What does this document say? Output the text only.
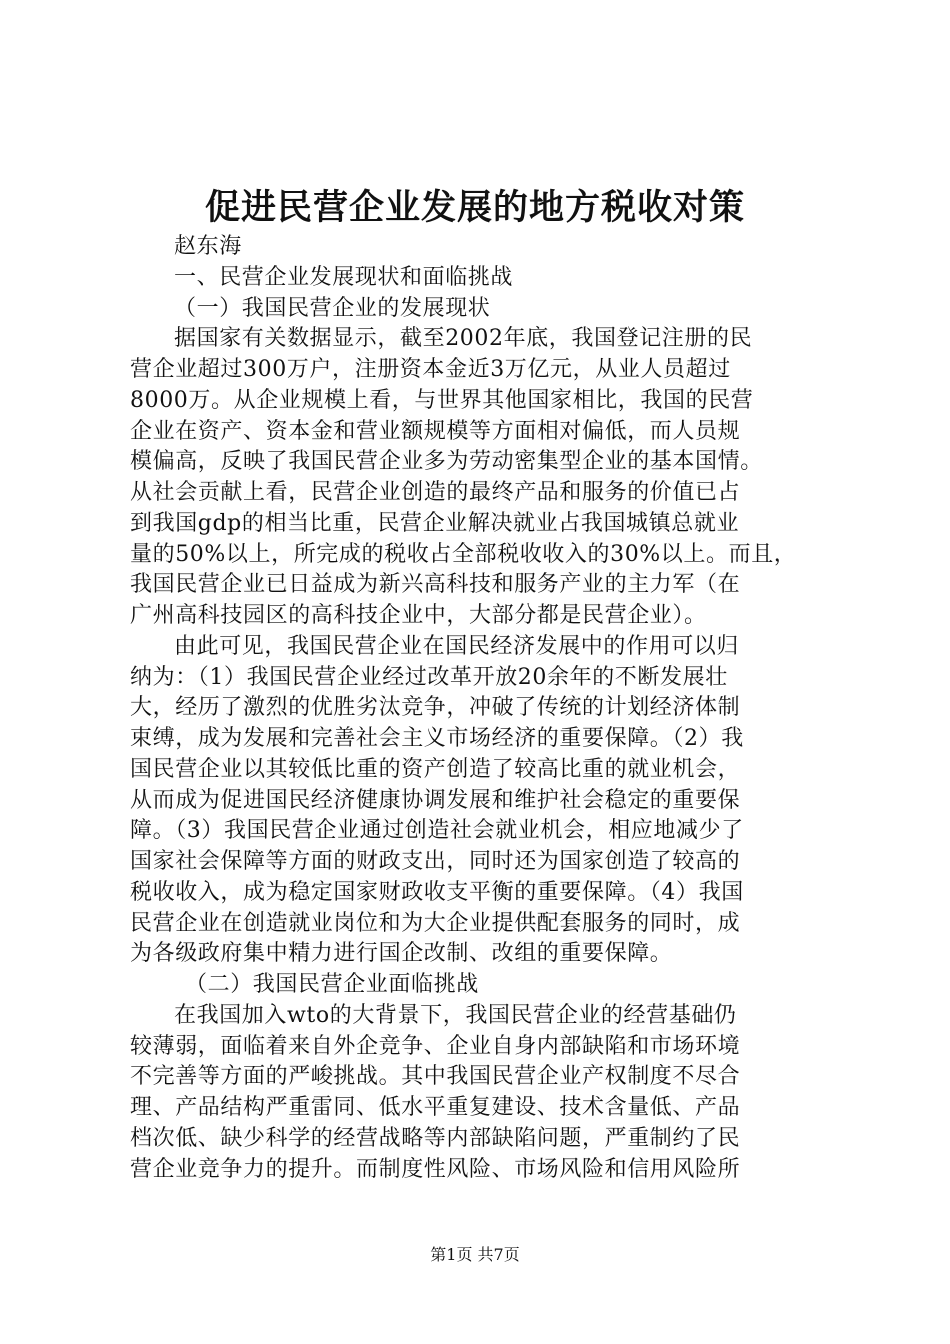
促进民营企业发展的地方税收对策
赵东海
一、民营企业发展现状和面临挑战
（一）我国民营企业的发展现状
据国家有关数据显示，截至2002年底，我国登记注册的民
营企业超过300万户，注册资本金近3万亿元，从业人员超过
8000万。从企业规模上看，与世界其他国家相比，我国的民营
企业在资产、资本金和营业额规模等方面相对偏低，而人员规
模偏高，反映了我国民营企业多为劳动密集型企业的基本国情。
从社会贡献上看，民营企业创造的最终产品和服务的价值已占
到我国gdp的相当比重，民营企业解决就业占我国城镇总就业
量的50%以上，所完成的税收占全部税收收入的30%以上。而且，
我国民营企业已日益成为新兴高科技和服务产业的主力军（在
广州高科技园区的高科技企业中，大部分都是民营企业）。
由此可见，我国民营企业在国民经济发展中的作用可以归
纳为：（1）我国民营企业经过改革开放20余年的不断发展壮
大，经历了激烈的优胜劣汰竞争，冲破了传统的计划经济体制
束缚，成为发展和完善社会主义市场经济的重要保障。（2）我
国民营企业以其较低比重的资产创造了较高比重的就业机会，
从而成为促进国民经济健康协调发展和维护社会稳定的重要保
障。（3）我国民营企业通过创造社会就业机会，相应地减少了
国家社会保障等方面的财政支出，同时还为国家创造了较高的
税收收入，成为稳定国家财政收支平衡的重要保障。（4）我国
民营企业在创造就业岗位和为大企业提供配套服务的同时，成
为各级政府集中精力进行国企改制、改组的重要保障。
（二）我国民营企业面临挑战
在我国加入wto的大背景下，我国民营企业的经营基础仍
较薄弱，面临着来自外企竞争、企业自身内部缺陷和市场环境
不完善等方面的严峻挑战。其中我国民营企业产权制度不尽合
理、产品结构严重雷同、低水平重复建设、技术含量低、产品
档次低、缺少科学的经营战略等内部缺陷问题，严重制约了民
营企业竞争力的提升。而制度性风险、市场风险和信用风险所
第1页 共7页
